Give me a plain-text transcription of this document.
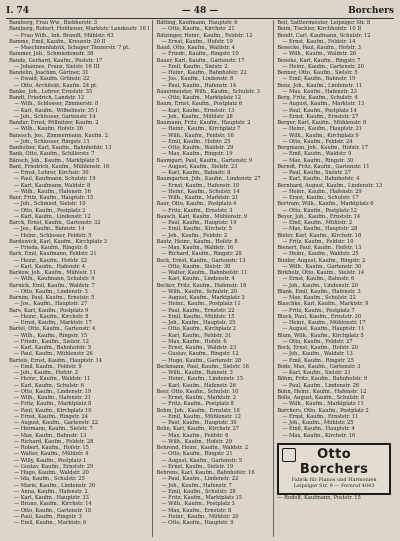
I. 74	— 48 —	Borchers
Bamberg, Frau Ww., Biebherstr. 3
Bamberg, Robert, Hofdiener, Marktstr. Landesstr. 16 I
— Frau Wilh., Inh. Brandt, Mühlstr. 63
Bamme, Emil, Kaufm., Kreuzstr. 20 II
— Maschinenfabrik, Schaper Tänzerstr. 7 pt.
Bammer, Joh., Schmiedemstr. 38
Bande, Gerhard, Kaufm., Poststr. 17
— Johannes, Franz, Sielstr. 16 III
Bandelin, Joachim, Gärtner, 31
— Ewald, Kaufm. Grünstr. 22
— Otto, Architekt, Kaufm. 24 pt.
Banke, Joh., Lehrer, Ernststr. 35
Bandt, Friedrich, Landstr. 12
— Wilh., Schlosser, Zimmerstr. 8
— Karl, Kaufm., Wilhelmstr. 35 I
— Joh., Schlosser, Gartenstr. 14
Bandur, Ernst, Pöllnitzer, Kaufm. 2
— Wilh., Kaufm. Hofstr. 26
Banesch, Jos., Zimmermann, Kaufm. 2
— Joh., Schlosser, Ringstr. 11
Banholzer, Karl, Kaufm., Bahnhofstr. 13
Bank, Otto, Kaufm., Schillerstr. 7
Bänsch, Joh., Kaufm., Marktplatz 5
Bant, Friedrich, Kaufm., Mühlenstr. 16
— Ernst, Lehrer, Kirchstr. 30
— Paul, Kaufmann, Schulstr. 19
— Karl, Kaufmann, Waldstr. 8
— Wilh., Kaufm., Hafenstr. 16
Baer, Fritz, Kaufm., Hauptstr. 15
— Joh., Schmied, Sielstr. 10
— Otto, Kaufm., Postplatz 2
— Karl, Kaufm., Lindenstr. 12
Barck, Ernst, Kaufm., Gartenstr. 32
— Jos., Kaufm., Bahnstr. 14
— Heinr., Schlosser, Feldstr. 5
Bardewick, Karl, Kaufm., Kirchplatz 3
— Frieda, Kaufm., Ringstr. 6
Bark, Emil, Kaufmann, Feldstr. 21
— Heinr., Kaufm., Hofstr. 22
— Karl, Kaufm., Hafenstr. 4
Barkow, Joh., Kaufm., Mühlstr. 11
— Wilh., Kaufmann, Schulstr. 9
Barnick, Emil, Kaufm., Waldstr. 7
— Otto, Kaufm., Lindenstr. 3
Barnim, Paul, Kaufm., Ernststr. 5
— Jos., Kaufm., Hauptstr. 27
Bars, Karl, Kaufm., Postplatz 9
— Heinr., Kaufm., Kirchstr. 8
— Ernst, Kaufm., Marktstr. 17
Bartel, Otto, Kaufm., Gartenstr. 4
— Wilh., Kaufm., Ringstr. 15
— Friedr., Kaufm., Sielstr. 12
— Karl, Kaufm., Bahnhofstr. 5
— Paul, Kaufm., Mühlenstr. 26
Bartels, Ernst, Kaufm., Hauptstr. 14
— Emil, Kaufm., Feldstr. 9
— Joh., Kaufm., Hofstr. 2
— Heinr., Kaufm., Waldstr. 11
— Karl, Kaufm., Schulstr. 6
— Otto, Kaufm., Lindenstr. 19
— Wilh., Kaufm., Hafenstr. 31
— Fritz, Kaufm., Marktplatz 8
— Paul, Kaufm., Kirchplatz 10
— Ernst, Kaufm., Ringstr. 24
— August, Kaufm., Gartenstr. 22
— Hermann, Kaufm., Sielstr. 7
— Max, Kaufm., Bahnstr. 13
— Richard, Kaufm., Feldstr. 28
— Robert, Kaufm., Hofstr. 15
— Walter, Kaufm., Mühlstr. 4
— Willy, Kaufm., Postplatz 1
— Gustav, Kaufm., Ernststr. 29
— Hugo, Kaufm., Waldstr. 20
— Ida, Kaufm., Schulstr. 25
— Marie, Kaufm., Lindenstr. 30
— Anna, Kaufm., Hafenstr. 2
— Karl, Kaufm., Hauptstr. 33
— Bruno, Kaufm., Kirchstr. 14
— Otto, Kaufm., Gartenstr. 18
— Paul, Kaufm., Ringstr. 3
— Emil, Kaufm., Marktstr. 6
Bätting, Kaufmann, Hauptstr. 6
— Otto, Kaufm., Kirchstr. 21
Bätzinger, Heinr., Kaufm., Feldstr. 12
— Ernst, Kaufm., Hofstr. 19
Baud, Otto, Kaufm., Waldstr. 4
— Friedr., Kaufm., Ringstr. 10
Bauer, Karl, Kaufm., Gartenstr. 17
— Emil, Kaufm., Sielstr. 2
— Heinr., Kaufm., Bahnhofstr. 22
— Jos., Kaufm., Lindenstr. 8
— Paul, Kaufm., Hafenstr. 14
Bauermeister, Wilh., Kaufm., Schulstr. 3
— Otto, Kaufm., Marktplatz 12
Baum, Ernst, Kaufm., Postplatz 6
— Karl, Kaufm., Ernststr. 13
— Joh., Kaufm., Mühlstr. 28
Baumann, Fritz, Kaufm., Hauptstr. 2
— Heinr., Kaufm., Kirchplatz 7
— Wilh., Kaufm., Feldstr. 16
— Emil, Kaufm., Hofstr. 25
— Otto, Kaufm., Waldstr. 29
— Max, Kaufm., Ringstr. 19
Baumgart, Paul, Kaufm., Gartenstr. 9
— August, Kaufm., Sielstr. 23
— Karl, Kaufm., Bahnstr. 8
Baumgarten, Joh., Kaufm., Lindenstr. 27
— Ernst, Kaufm., Hafenstr. 10
— Heinr., Kaufm., Schulstr. 14
— Wilh., Kaufm., Marktstr. 21
Baur, Otto, Kaufm., Postplatz 4
— Fritz, Kaufm., Ernststr. 3
Bausch, Karl, Kaufm., Mühlenstr. 9
— Paul, Kaufm., Hauptstr. 19
— Emil, Kaufm., Kirchstr. 5
— Joh., Kaufm., Feldstr. 2
Bautz, Heinr., Kaufm., Hofstr. 8
— Max, Kaufm., Waldstr. 16
— Richard, Kaufm., Ringstr. 28
Beck, Ernst, Kaufm., Gartenstr. 13
— Otto, Kaufm., Sielstr. 30
— Walter, Kaufm., Bahnhofstr. 11
— Karl, Kaufm., Lindenstr. 4
Becker, Fritz, Kaufm., Hafenstr. 18
— Wilh., Kaufm., Schulstr. 20
— August, Kaufm., Marktplatz 3
— Heinr., Kaufm., Postplatz 11
— Paul, Kaufm., Ernststr. 22
— Emil, Kaufm., Mühlstr. 15
— Joh., Kaufm., Hauptstr. 25
— Otto, Kaufm., Kirchplatz 2
— Karl, Kaufm., Feldstr. 31
— Max, Kaufm., Hofstr. 6
— Ernst, Kaufm., Waldstr. 23
— Gustav, Kaufm., Ringstr. 12
— Hugo, Kaufm., Gartenstr. 28
Beckmann, Paul, Kaufm., Sielstr. 16
— Wilh., Kaufm., Bahnstr. 3
— Heinr., Kaufm., Lindenstr. 15
— Karl, Kaufm., Hafenstr. 26
Beer, Otto, Kaufm., Schulstr. 10
— Ernst, Kaufm., Marktstr. 2
— Fritz, Kaufm., Postplatz 8
Behm, Joh., Kaufm., Ernststr. 18
— Emil, Kaufm., Mühlenstr. 12
— Paul, Kaufm., Hauptstr. 30
Behn, Karl, Kaufm., Kirchstr. 27
— Max, Kaufm., Feldstr. 6
— Wilh., Kaufm., Hofstr. 29
Behrend, Heinr., Kaufm., Waldstr. 2
— Otto, Kaufm., Ringstr. 21
— August, Kaufm., Gartenstr. 5
— Ernst, Kaufm., Sielstr. 19
Behrens, Karl, Kaufm., Bahnhofstr. 16
— Paul, Kaufm., Lindenstr. 22
— Joh., Kaufm., Hafenstr. 7
— Emil, Kaufm., Schulstr. 28
— Fritz, Kaufm., Marktplatz 15
— Wilh., Kaufm., Postplatz 3
— Max, Kaufm., Ernststr. 8
— Heinr., Kaufm., Mühlstr. 20
— Otto, Kaufm., Hauptstr. 9
Beil, Sattlermeister, Leipziger Str. 8
Beim, Tischler, Kirchhofstr. 10 II
Bendt, Carl, Kaufmann, Schulstr. 12
— Ernst, Kaufm., Feldstr. 14
Benecke, Paul, Kaufm., Hofstr. 3
— Wilh., Kaufm., Waldstr. 26
Beneke, Karl, Kaufm., Ringstr. 7
— Heinr., Kaufm., Gartenstr. 20
Benner, Otto, Kaufm., Sielstr. 5
— Emil, Kaufm., Bahnstr. 19
Benz, Joh., Kaufm., Lindenstr. 11
— Max, Kaufm., Hafenstr. 23
Berg, Fritz, Kaufm., Schulstr. 4
— August, Kaufm., Marktstr. 13
— Paul, Kaufm., Postplatz 14
— Ernst, Kaufm., Ernststr. 27
Berger, Karl, Kaufm., Mühlenstr. 6
— Heinr., Kaufm., Hauptstr. 21
— Wilh., Kaufm., Kirchplatz 9
— Otto, Kaufm., Feldstr. 24
Bergmann, Joh., Kaufm., Hofstr. 17
— Emil, Kaufm., Waldstr. 9
— Max, Kaufm., Ringstr. 30
Berndt, Fritz, Kaufm., Gartenstr. 11
— Paul, Kaufm., Sielstr. 27
— Karl, Kaufm., Bahnhofstr. 4
Bernhard, August, Kaufm., Lindenstr. 13
— Heinr., Kaufm., Hafenstr. 29
— Ernst, Kaufm., Schulstr. 17
Bertram, Wilh., Kaufm., Marktplatz 6
— Otto, Kaufm., Postplatz 12
Beyer, Joh., Kaufm., Ernststr. 14
— Emil, Kaufm., Mühlstr. 2
— Max, Kaufm., Hauptstr. 28
Bieler, Karl, Kaufm., Kirchstr. 18
— Fritz, Kaufm., Feldstr. 10
Bienert, Paul, Kaufm., Hofstr. 13
— Heinr., Kaufm., Waldstr. 25
Binder, August, Kaufm., Ringstr. 2
— Wilh., Kaufm., Gartenstr. 30
Birkholz, Otto, Kaufm., Sielstr. 14
— Ernst, Kaufm., Bahnstr. 6
— Joh., Kaufm., Lindenstr. 20
Blank, Emil, Kaufm., Hafenstr. 3
— Max, Kaufm., Schulstr. 22
Blaschke, Karl, Kaufm., Marktstr. 9
— Fritz, Kaufm., Postplatz 7
Block, Paul, Kaufm., Ernststr. 20
— Heinr., Kaufm., Mühlenstr. 17
— August, Kaufm., Hauptstr. 11
Blum, Wilh., Kaufm., Kirchplatz 5
— Otto, Kaufm., Feldstr. 27
Bock, Ernst, Kaufm., Hofstr. 20
— Joh., Kaufm., Waldstr. 13
— Emil, Kaufm., Ringstr. 25
Bode, Max, Kaufm., Gartenstr. 3
— Karl, Kaufm., Sielstr. 21
Böhm, Fritz, Kaufm., Bahnhofstr. 9
— Paul, Kaufm., Lindenstr. 26
Bohn, Heinr., Kaufm., Hafenstr. 12
Bolle, August, Kaufm., Schulstr. 8
— Wilh., Kaufm., Marktplatz 11
Borchers, Otto, Kaufm., Postplatz 2
— Ernst, Kaufm., Ernststr. 11
— Joh., Kaufm., Mühlstr. 25
— Emil, Kaufm., Hauptstr. 4
— Max, Kaufm., Kirchstr. 16
Otto Borchers
Fabrik für Pianos und Harmonien
Leipziger Str. 9 — Fernruf 4043
— Rudolf, Kaufmann, Poststr. 15
